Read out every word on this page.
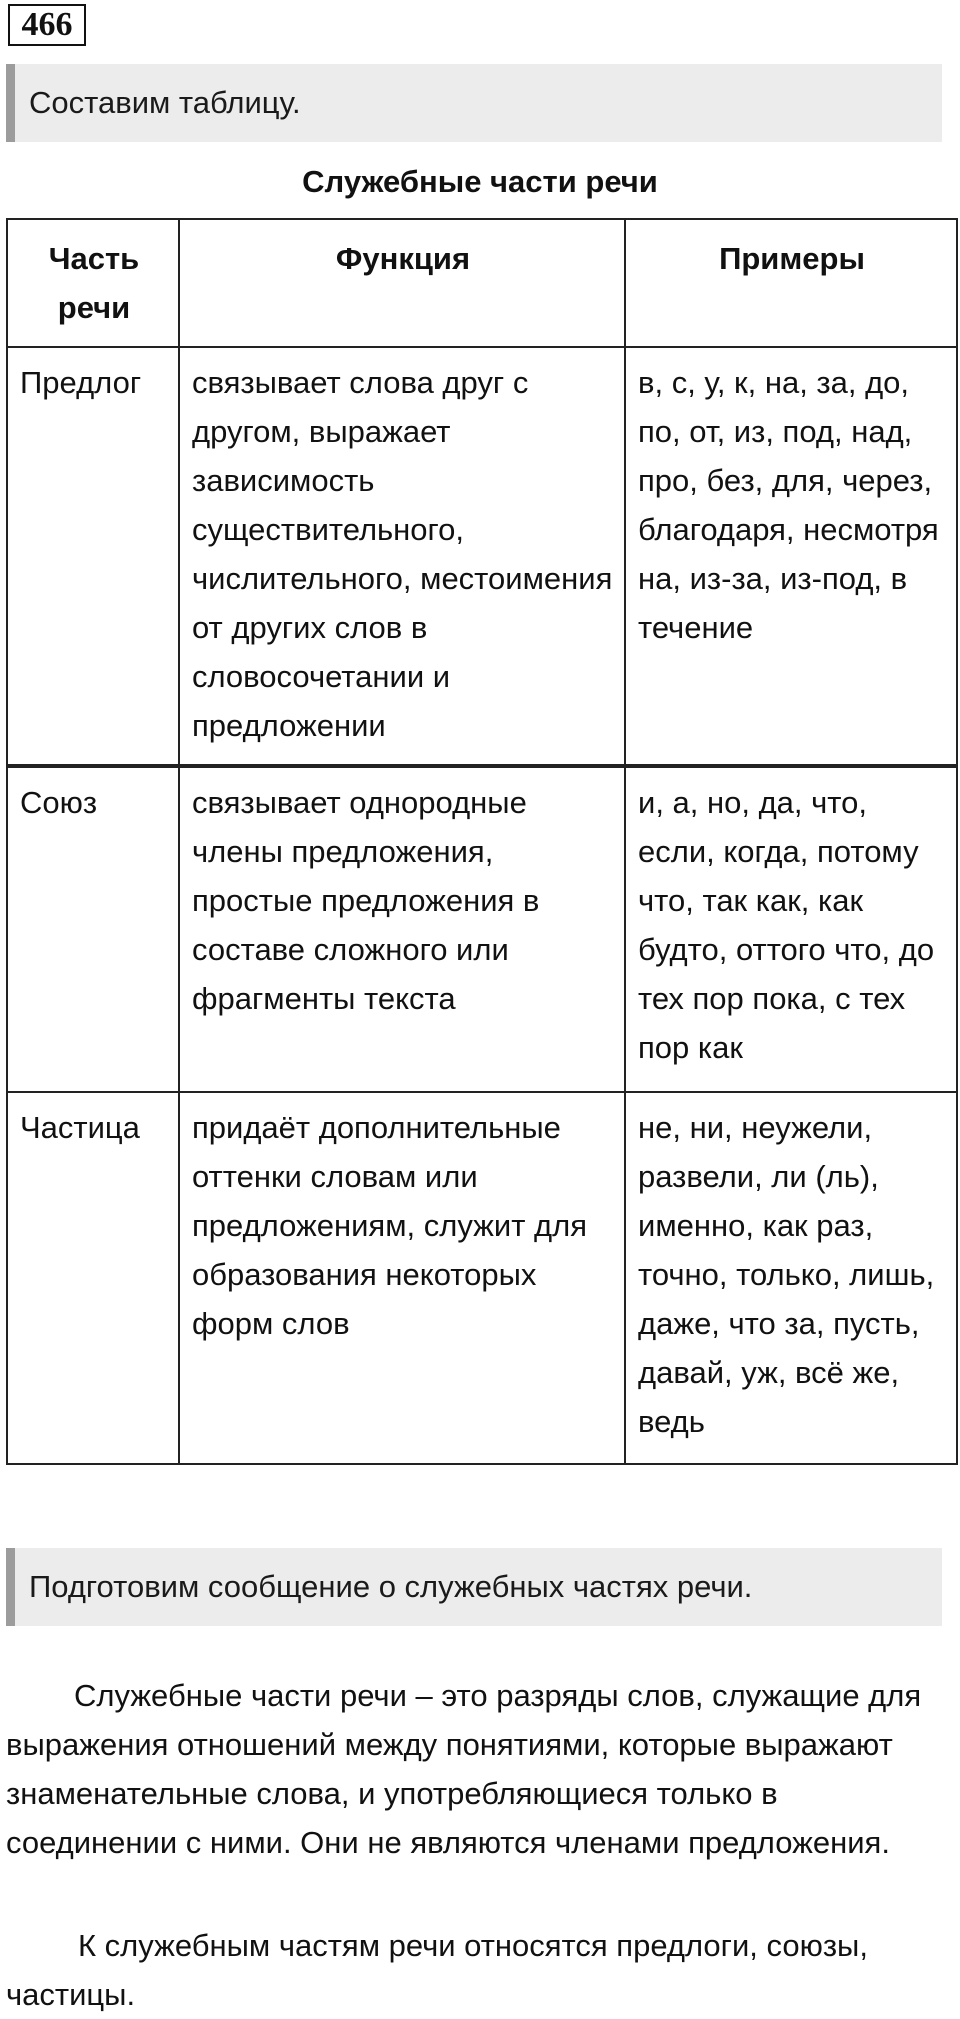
466
Составим таблицу.
Служебные части речи
Часть речи	Функция	Примеры
Предлог	связывает слова друг с другом, выражает зависимость существительного, числительного, местоимения от других слов в словосочетании и предложении	в, с, у, к, на, за, до, по, от, из, под, над, про, без, для, через, благодаря, несмотря на, из-за, из-под, в течение
Союз	связывает однородные члены предложения, простые предложения в составе сложного или фрагменты текста	и, а, но, да, что, если, когда, потому что, так как, как будто, оттого что, до тех пор пока, с тех пор как
Частица	придаёт дополнительные оттенки словам или предложениям, служит для образования некоторых форм слов	не, ни, неужели, развели, ли (ль), именно, как раз, точно, только, лишь, даже, что за, пусть, давай, уж, всё же, ведь
Подготовим сообщение о служебных частях речи.

Служебные части речи – это разряды слов, служащие для выражения отношений между понятиями, которые выражают знаменательные слова, и употребляющиеся только в соединении с ними. Они не являются членами предложения.

К служебным частям речи относятся предлоги, союзы, частицы.
